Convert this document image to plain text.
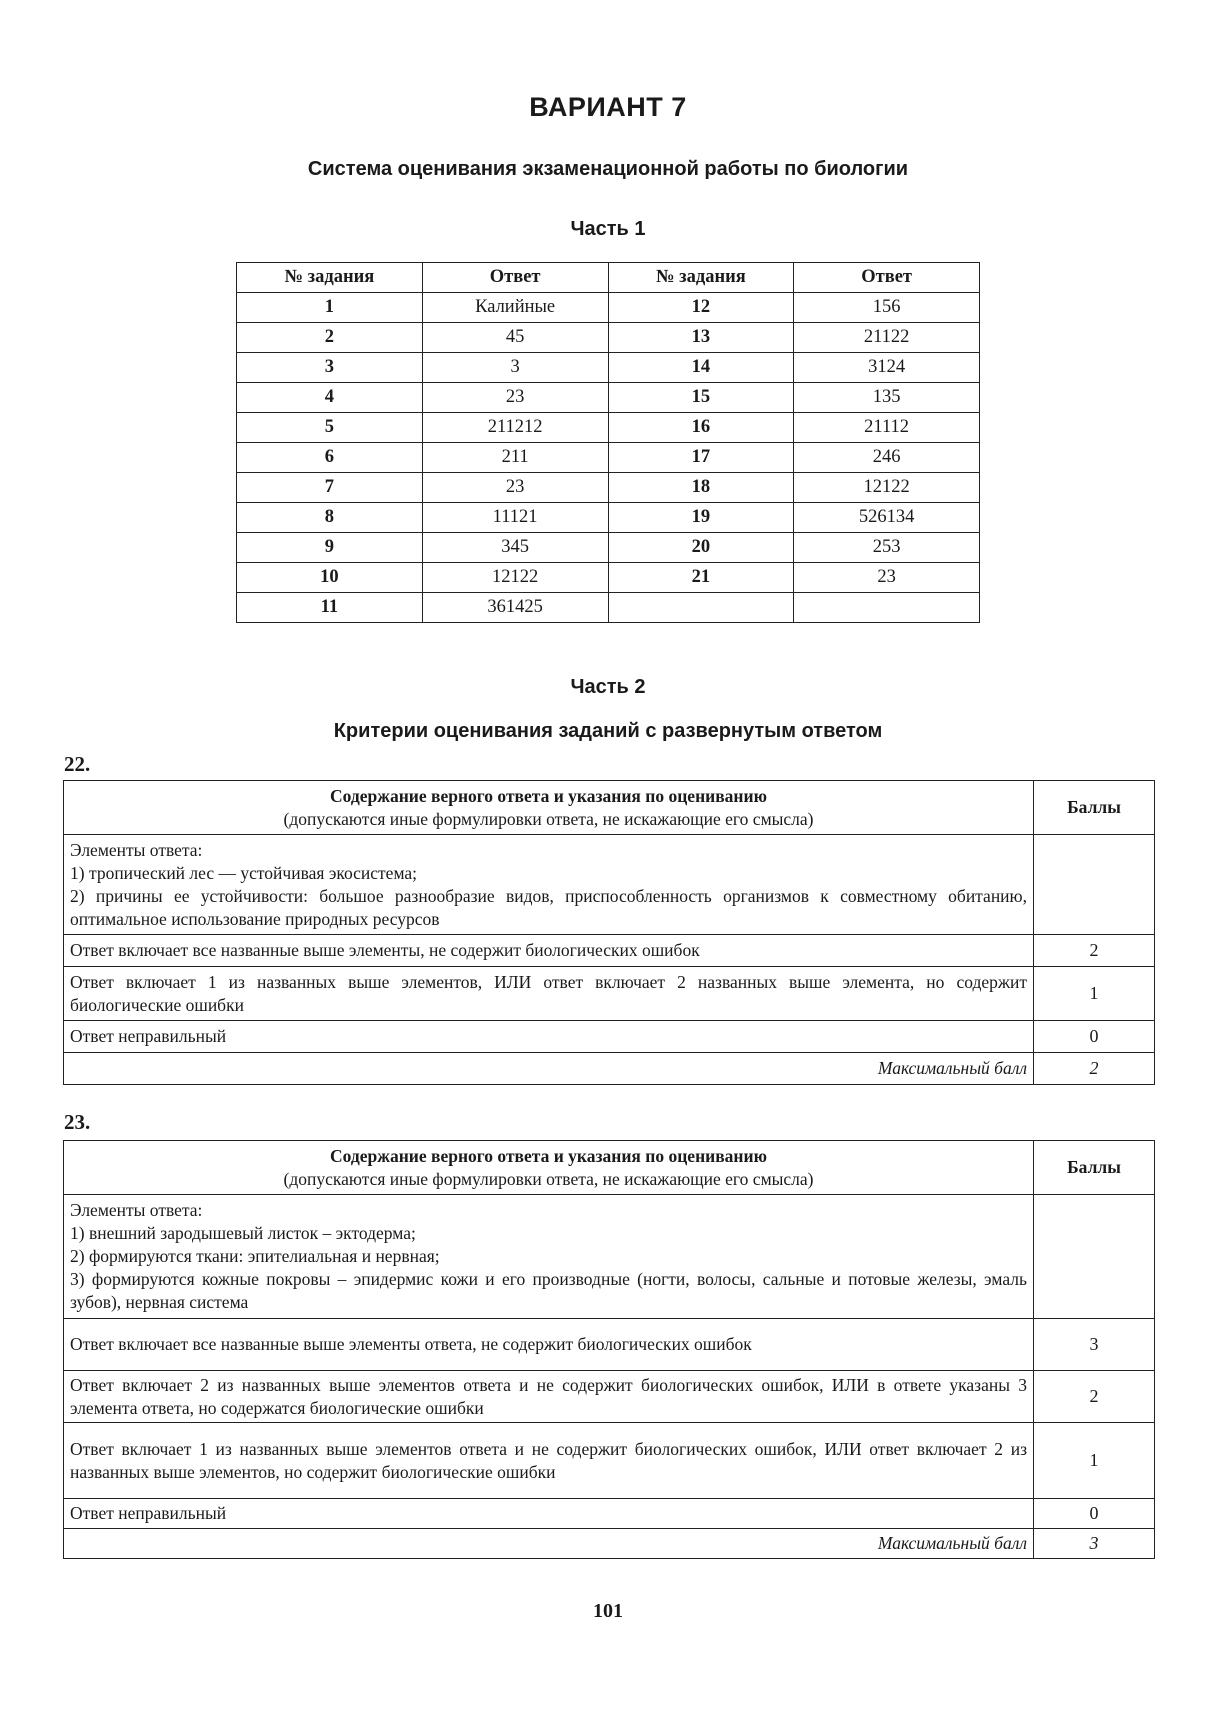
ВАРИАНТ 7
Система оценивания экзаменационной работы по биологии
Часть 1
№ задания	Ответ	№ задания	Ответ
1	Калийные	12	156
2	45	13	21122
3	3	14	3124
4	23	15	135
5	211212	16	21112
6	211	17	246
7	23	18	12122
8	11121	19	526134
9	345	20	253
10	12122	21	23
11	361425		
Часть 2
Критерии оценивания заданий с развернутым ответом
22.
Содержание верного ответа и указания по оцениванию
(допускаются иные формулировки ответа, не искажающие его смысла)	Баллы

Элементы ответа:
1) тропический лес — устойчивая экосистема;
2) причины ее устойчивости: большое разнообразие видов, приспособленность организмов к совместному обитанию, оптимальное использование природных ресурсов	

Ответ включает все названные выше элементы, не содержит биологических ошибок	2
Ответ включает 1 из названных выше элементов, ИЛИ ответ включает 2 названных выше элемента, но содержит биологические ошибки	1
Ответ неправильный	0
Максимальный балл	2
23.
Содержание верного ответа и указания по оцениванию
(допускаются иные формулировки ответа, не искажающие его смысла)	Баллы

Элементы ответа:
1) внешний зародышевый листок – эктодерма;
2) формируются ткани: эпителиальная и нервная;
3) формируются кожные покровы – эпидермис кожи и его производные (ногти, волосы, сальные и потовые железы, эмаль зубов), нервная система	

Ответ включает все названные выше элементы ответа, не содержит биологических ошибок	3
Ответ включает 2 из названных выше элементов ответа и не содержит биологических ошибок, ИЛИ в ответе указаны 3 элемента ответа, но содержатся биологические ошибки	2
Ответ включает 1 из названных выше элементов ответа и не содержит биологических ошибок, ИЛИ ответ включает 2 из названных выше элементов, но содержит биологические ошибки	1
Ответ неправильный	0
Максимальный балл	3
101
